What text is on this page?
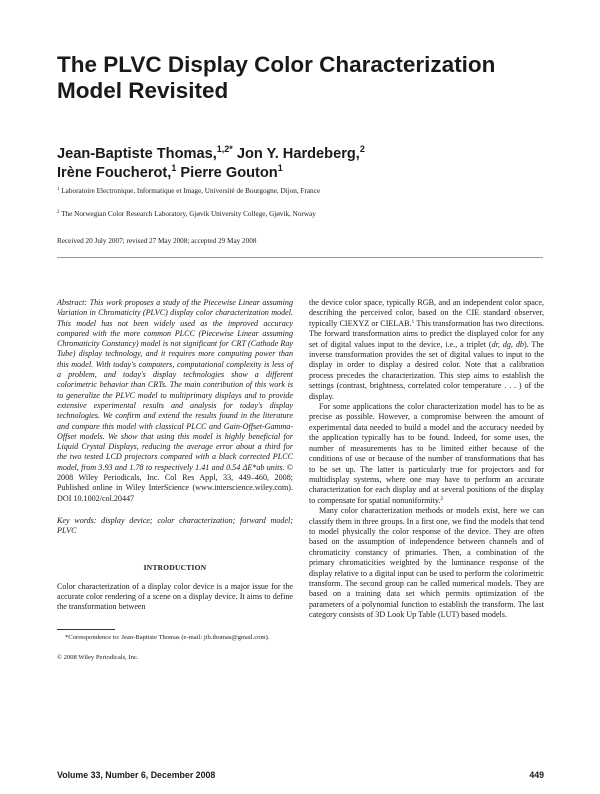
The PLVC Display Color Characterization Model Revisited
Jean-Baptiste Thomas,$^{1,2*}$ Jon Y. Hardeberg,$^2$
Irène Foucherot,$^1$ Pierre Gouton$^1$
$^1$ Laboratoire Electronique, Informatique et Image, Université de Bourgogne, Dijon, France
$^2$ The Norwegian Color Research Laboratory, Gjøvik University College, Gjøvik, Norway
Received 20 July 2007; revised 27 May 2008; accepted 29 May 2008

Abstract: This work proposes a study of the Piecewise Linear assuming Variation in Chromaticity (PLVC) display color characterization model. This model has not been widely used as the improved accuracy compared with the more common PLCC (Piecewise Linear assuming Chromaticity Constancy) model is not significant for CRT (Cathode Ray Tube) display technology, and it requires more computing power than this model. With today's computers, computational complexity is less of a problem, and today's display technologies show a different colorimetric behavior than CRTs. The main contribution of this work is to generalize the PLVC model to multiprimary displays and to provide extensive experimental results and analysis for today's display technologies. We confirm and extend the results found in the literature and compare this model with classical PLCC and Gain-Offset-Gamma-Offset models. We show that using this model is highly beneficial for Liquid Crystal Displays, reducing the average error about a third for the two tested LCD projectors compared with a black corrected PLCC model, from 3.93 and 1.78 to respectively 1.41 and 0.54 ΔE*ab units. © 2008 Wiley Periodicals, Inc. Col Res Appl, 33, 449–460, 2008; Published online in Wiley InterScience (www.interscience.wiley.com). DOI 10.1002/col.20447

Key words: display device; color characterization; forward model; PLVC

INTRODUCTION

Color characterization of a display color device is a major issue for the accurate color rendering of a scene on a display device. It aims to define the transformation between

*Correspondence to: Jean-Baptiste Thomas (e-mail: jib.thomas@gmail.com).

© 2008 Wiley Periodicals, Inc.

the device color space, typically RGB, and an independent color space, describing the perceived color, based on the CIE standard observer, typically CIEXYZ or CIELAB.$^1$ This transformation has two directions. The forward transformation aims to predict the displayed color for any set of digital values input to the device, i.e., a triplet (dr, dg, db). The inverse transformation provides the set of digital values to input to the display in order to display a desired color. Note that a calibration process precedes the characterization. This step aims to establish the settings (contrast, brightness, correlated color temperature . . . ) of the display.

For some applications the color characterization model has to be as precise as possible. However, a compromise between the amount of experimental data needed to build a model and the accuracy needed by the application typically has to be found. Indeed, for some uses, the number of measurements has to be limited either because of the conditions of use or because of the number of transformations that has to be set up. The latter is particularly true for projectors and for multidisplay systems, where one may have to perform an accurate characterization for each display and at several positions of the display to compensate for spatial nonuniformity.$^2$

Many color characterization methods or models exist, here we can classify them in three groups. In a first one, we find the models that tend to model physically the color response of the device. They are often based on the assumption of independence between channels and of chromaticity constancy of primaries. Then, a combination of the primary chromaticities weighted by the luminance response of the display relative to a digital input can be used to perform the colorimetric transform. The second group can be called numerical models. They are based on a training data set which permits optimization of the parameters of a polynomial function to establish the transform. The last category consists of 3D Look Up Table (LUT) based models.

Volume 33, Number 6, December 2008	449
